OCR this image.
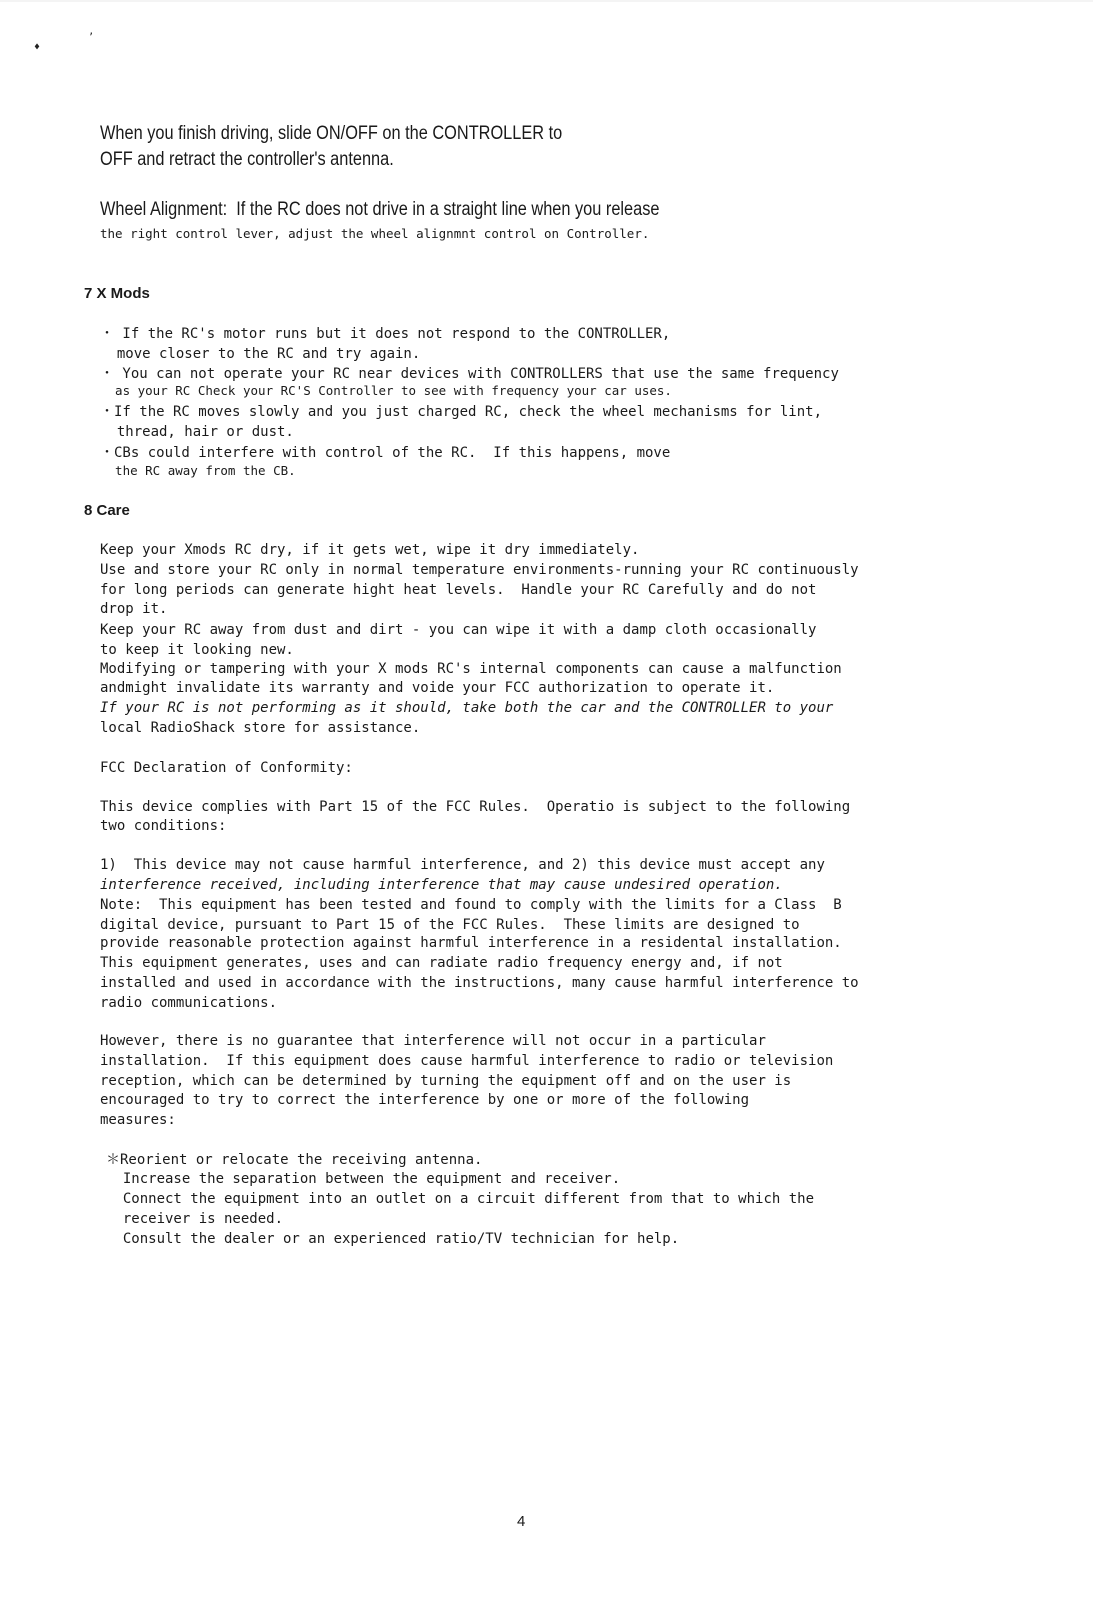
♦
’
When you finish driving, slide ON/OFF on the CONTROLLER to
OFF and retract the controller's antenna.
Wheel Alignment:  If the RC does not drive in a straight line when you release
the right control lever, adjust the wheel alignmnt control on Controller.
7 X Mods
・ If the RC's motor runs but it does not respond to the CONTROLLER,
move closer to the RC and try again.
・ You can not operate your RC near devices with CONTROLLERS that use the same frequency
as your RC Check your RC'S Controller to see with frequency your car uses.
・If the RC moves slowly and you just charged RC, check the wheel mechanisms for lint,
thread, hair or dust.
・CBs could interfere with control of the RC.  If this happens, move
the RC away from the CB.
8 Care
Keep your Xmods RC dry, if it gets wet, wipe it dry immediately.
Use and store your RC only in normal temperature environments-running your RC continuously
for long periods can generate hight heat levels.  Handle your RC Carefully and do not
drop it.
Keep your RC away from dust and dirt - you can wipe it with a damp cloth occasionally
to keep it looking new.
Modifying or tampering with your X mods RC's internal components can cause a malfunction
andmight invalidate its warranty and voide your FCC authorization to operate it.
If your RC is not performing as it should, take both the car and the CONTROLLER to your
local RadioShack store for assistance.
FCC Declaration of Conformity:
This device complies with Part 15 of the FCC Rules.  Operatio is subject to the following
two conditions:
1)  This device may not cause harmful interference, and 2) this device must accept any
interference received, including interference that may cause undesired operation.
Note:  This equipment has been tested and found to comply with the limits for a Class  B
digital device, pursuant to Part 15 of the FCC Rules.  These limits are designed to
provide reasonable protection against harmful interference in a residental installation.
This equipment generates, uses and can radiate radio frequency energy and, if not
installed and used in accordance with the instructions, many cause harmful interference to
radio communications.
However, there is no guarantee that interference will not occur in a particular
installation.  If this equipment does cause harmful interference to radio or television
reception, which can be determined by turning the equipment off and on the user is
encouraged to try to correct the interference by one or more of the following
measures:
＊Reorient or relocate the receiving antenna.
Increase the separation between the equipment and receiver.
Connect the equipment into an outlet on a circuit different from that to which the
receiver is needed.
Consult the dealer or an experienced ratio/TV technician for help.
4
